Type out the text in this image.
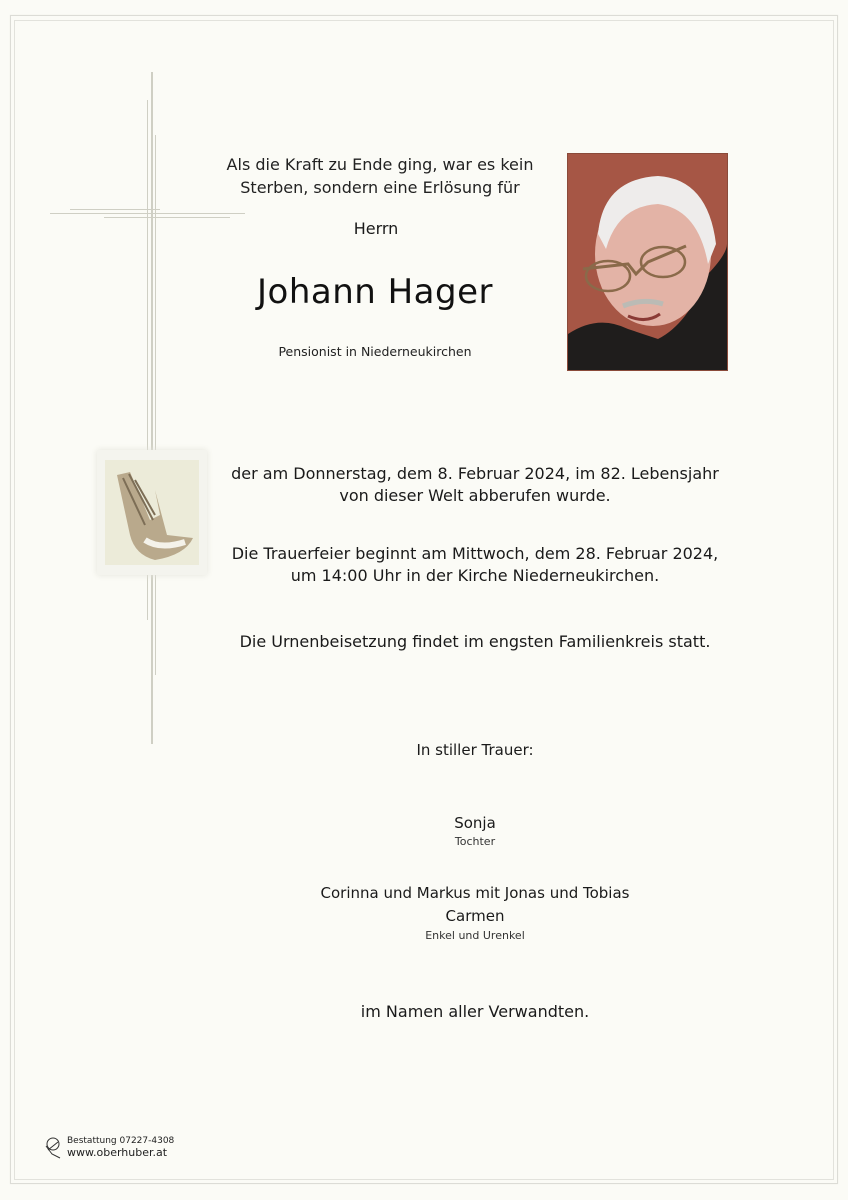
Als die Kraft zu Ende ging, war es kein
Sterben, sondern eine Erlösung für
Herrn
Johann Hager
Pensionist in Niederneukirchen
der am Donnerstag, dem 8. Februar 2024, im 82. Lebensjahr
von dieser Welt abberufen wurde.
Die Trauerfeier beginnt am Mittwoch, dem 28. Februar 2024,
um 14:00 Uhr in der Kirche Niederneukirchen.
Die Urnenbeisetzung findet im engsten Familienkreis statt.
In stiller Trauer:
Sonja
Tochter
Corinna und Markus mit Jonas und Tobias
Carmen
Enkel und Urenkel
im Namen aller Verwandten.
Bestattung 07227-4308
www.oberhuber.at
